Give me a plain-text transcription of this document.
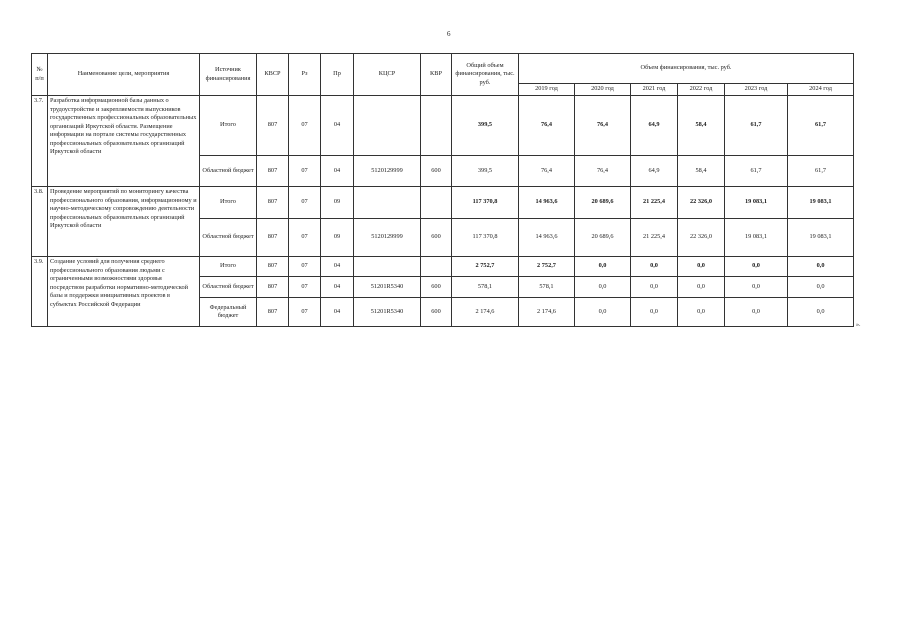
6
№ п/п	Наименование цели, мероприятия	Источник финансирования	КВСР	Рз	Пр	КЦСР	КВР	Общий объем финансирования, тыс. руб.	Объем финансирования, тыс. руб.					
									2019 год	2020 год	2021 год	2022 год	2023 год	2024 год
3.7.	Разработка информационной базы данных о трудоустройстве и закрепляемости выпускников государственных профессиональных образовательных организаций Иркутской области. Размещение информации на портале системы государственных профессиональных образовательных организаций Иркутской области	Итого	807	07	04			399,5	76,4	76,4	64,9	58,4	61,7	61,7
		Областной бюджет	807	07	04	5120129999	600	399,5	76,4	76,4	64,9	58,4	61,7	61,7
3.8.	Проведение мероприятий по мониторингу качества профессионального образования, информационному и научно-методическому сопровождению деятельности профессиональных образовательных организаций Иркутской области	Итого	807	07	09			117 370,8	14 963,6	20 689,6	21 225,4	22 326,0	19 083,1	19 083,1
		Областной бюджет	807	07	09	5120129999	600	117 370,8	14 963,6	20 689,6	21 225,4	22 326,0	19 083,1	19 083,1
3.9.	Создание условий для получения среднего профессионального образования людьми с ограниченными возможностями здоровья посредством разработки нормативно-методической базы и поддержки инициативных проектов в субъектах Российской Федерации	Итого	807	07	04			2 752,7	2 752,7	0,0	0,0	0,0	0,0	0,0
		Областной бюджет	807	07	04	51201R5340	600	578,1	578,1	0,0	0,0	0,0	0,0	0,0
		Федеральный бюджет	807	07	04	51201R5340	600	2 174,6	2 174,6	0,0	0,0	0,0	0,0	0,0
».
